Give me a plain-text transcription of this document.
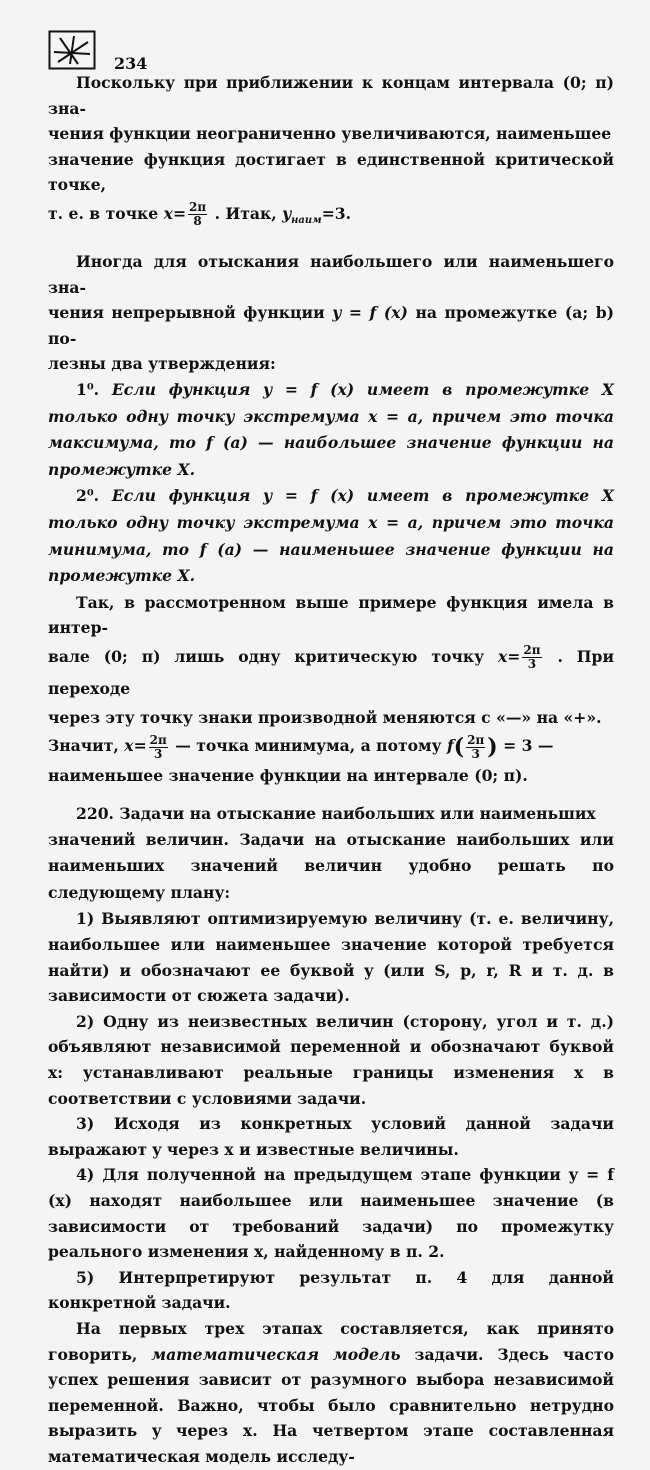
234

Поскольку при приближении к концам интервала (0; π) зна-

чения функции неограниченно увеличиваются, наименьшее

значение функция достигает в единственной критической точке,

т. е. в точке $x= \frac{2\pi}{8}$ . Итак, $y_{наим}=3$.

Иногда для отыскания наибольшего или наименьшего зна-

чения непрерывной функции y = f (x) на промежутке (a; b) по-

лезны два утверждения:

1⁰. Если функция y = f (x) имеет в промежутке X только одну точку экстремума x = a, причем это точка максимума, то f (a) — наибольшее значение функции на промежутке X.

2⁰. Если функция y = f (x) имеет в промежутке X только одну точку экстремума x = a, причем это точка минимума, то f (a) — наименьшее значение функции на промежутке X.

Так, в рассмотренном выше примере функция имела в интер-

вале (0; π) лишь одну критическую точку $x= \frac{2\pi}{3}$ . При переходе

через эту точку знаки производной меняются с «—» на «+».

Значит, $x= \frac{2\pi}{3}$ — точка минимума, а потому $f( \frac{2\pi}{3}$ ) = 3 —

наименьшее значение функции на интервале (0; π).

220. Задачи на отыскание наибольших или наименьших

значений величин. Задачи на отыскание наибольших или наименьших значений величин удобно решать по следующему плану:

1) Выявляют оптимизируемую величину (т. е. величину, наибольшее или наименьшее значение которой требуется найти) и обозначают ее буквой y (или S, p, r, R и т. д. в зависимости от сюжета задачи).

2) Одну из неизвестных величин (сторону, угол и т. д.) объявляют независимой переменной и обозначают буквой x: устанавливают реальные границы изменения x в соответствии с условиями задачи.

3) Исходя из конкретных условий данной задачи выражают y через x и известные величины.

4) Для полученной на предыдущем этапе функции y = f (x) находят наибольшее или наименьшее значение (в зависимости от требований задачи) по промежутку реального изменения x, найденному в п. 2.

5) Интерпретируют результат п. 4 для данной конкретной задачи.

На первых трех этапах составляется, как принято говорить, математическая модель задачи. Здесь часто успех решения зависит от разумного выбора независимой переменной. Важно, чтобы было сравнительно нетрудно выразить y через x. На четвертом этапе составленная математическая модель исследу-
